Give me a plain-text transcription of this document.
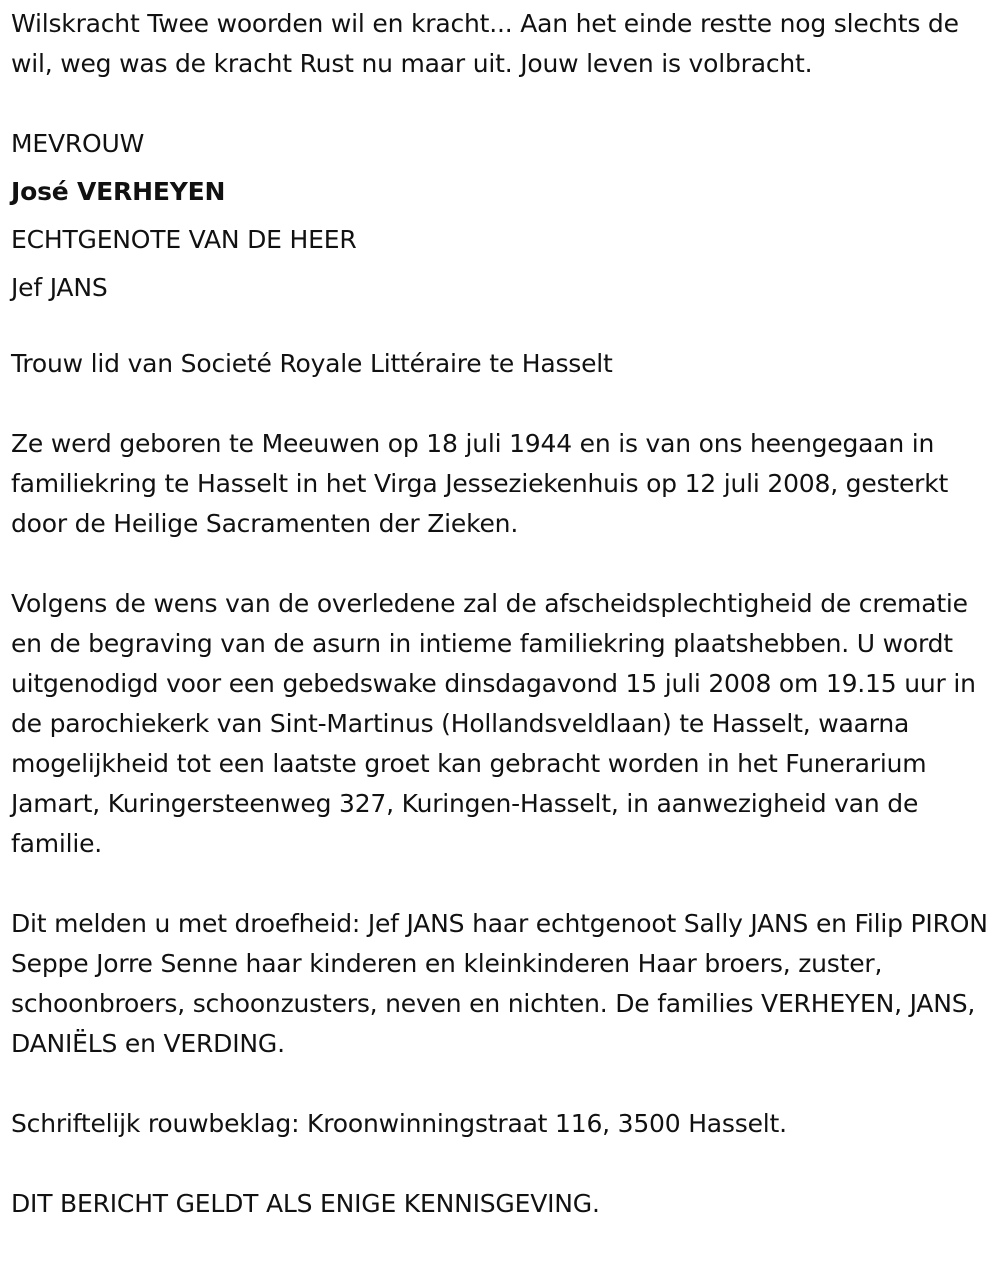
Wilskracht Twee woorden wil en kracht... Aan het einde restte nog slechts de wil, weg was de kracht Rust nu maar uit. Jouw leven is volbracht.

MEVROUW

José VERHEYEN

ECHTGENOTE VAN DE HEER

Jef JANS

Trouw lid van Societé Royale Littéraire te Hasselt

Ze werd geboren te Meeuwen op 18 juli 1944 en is van ons heengegaan in familiekring te Hasselt in het Virga Jesseziekenhuis op 12 juli 2008, gesterkt door de Heilige Sacramenten der Zieken.

Volgens de wens van de overledene zal de afscheidsplechtigheid de crematie en de begraving van de asurn in intieme familiekring plaatshebben. U wordt uitgenodigd voor een gebedswake dinsdagavond 15 juli 2008 om 19.15 uur in de parochiekerk van Sint-Martinus (Hollandsveldlaan) te Hasselt, waarna mogelijkheid tot een laatste groet kan gebracht worden in het Funerarium Jamart, Kuringersteenweg 327, Kuringen-Hasselt, in aanwezigheid van de familie.

Dit melden u met droefheid: Jef JANS haar echtgenoot Sally JANS en Filip PIRON Seppe Jorre Senne haar kinderen en kleinkinderen Haar broers, zuster, schoonbroers, schoonzusters, neven en nichten. De families VERHEYEN, JANS, DANIËLS en VERDING.

Schriftelijk rouwbeklag: Kroonwinningstraat 116, 3500 Hasselt.

DIT BERICHT GELDT ALS ENIGE KENNISGEVING.
